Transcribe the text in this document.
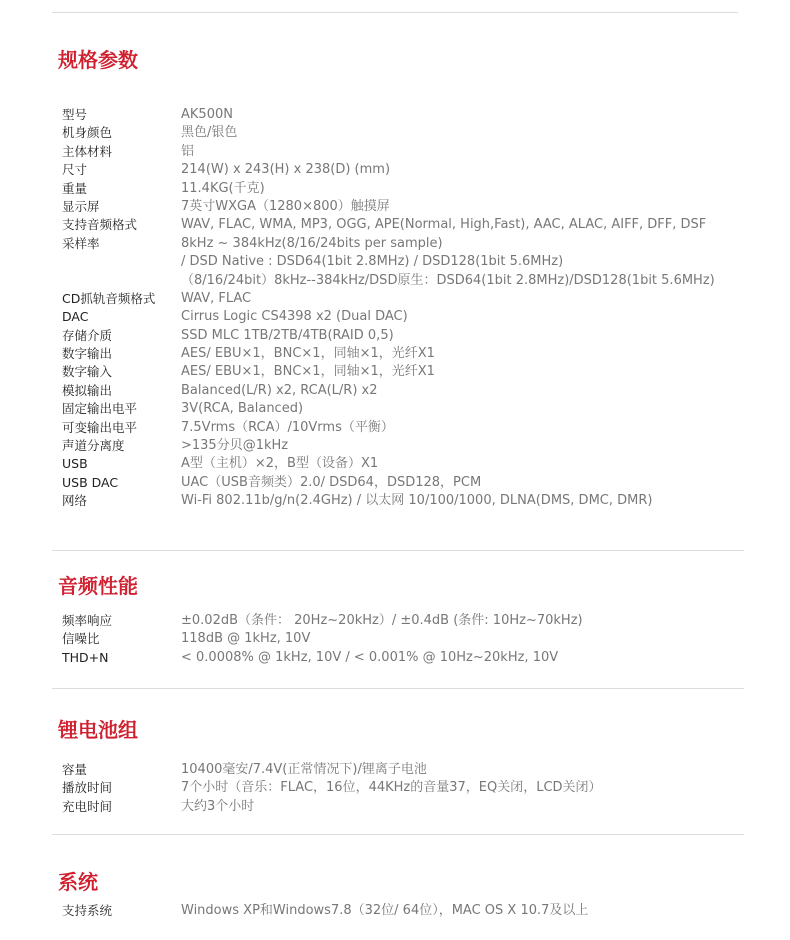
规格参数
型号	AK500N
机身颜色	黑色/银色
主体材料	铝
尺寸	214(W) x 243(H) x 238(D) (mm)
重量	11.4KG(千克)
显示屏	7英寸WXGA（1280×800）触摸屏
支持音频格式	WAV, FLAC, WMA, MP3, OGG, APE(Normal, High,Fast), AAC, ALAC, AIFF, DFF, DSF
采样率	8kHz ~ 384kHz(8/16/24bits per sample)
/ DSD Native : DSD64(1bit 2.8MHz) / DSD128(1bit 5.6MHz)
（8/16/24bit）8kHz--384kHz/DSD原生：DSD64(1bit 2.8MHz)/DSD128(1bit 5.6MHz)
CD抓轨音频格式	WAV, FLAC
DAC	Cirrus Logic CS4398 x2 (Dual DAC)
存储介质	SSD MLC 1TB/2TB/4TB(RAID 0,5)
数字输出	AES/ EBU×1，BNC×1，同轴×1，光纤X1
数字输入	AES/ EBU×1，BNC×1，同轴×1，光纤X1
模拟输出	Balanced(L/R) x2, RCA(L/R) x2
固定输出电平	3V(RCA, Balanced)
可变输出电平	7.5Vrms（RCA）/10Vrms（平衡）
声道分离度	>135分贝@1kHz
USB	A型（主机）×2，B型（设备）X1
USB DAC	UAC（USB音频类）2.0/ DSD64，DSD128，PCM
网络	Wi-Fi 802.11b/g/n(2.4GHz) / 以太网 10/100/1000, DLNA(DMS, DMC, DMR)
音频性能
频率响应	±0.02dB（条件： 20Hz~20kHz）/ ±0.4dB (条件: 10Hz~70kHz)
信噪比	118dB @ 1kHz, 10V
THD+N	< 0.0008% @ 1kHz, 10V / < 0.001% @ 10Hz~20kHz, 10V
锂电池组
容量	10400毫安/7.4V(正常情况下)/锂离子电池
播放时间	7个小时（音乐：FLAC，16位，44KHz的音量37，EQ关闭，LCD关闭）
充电时间	大约3个小时
系统
支持系统	Windows XP和Windows7.8（32位/ 64位），MAC OS X 10.7及以上
